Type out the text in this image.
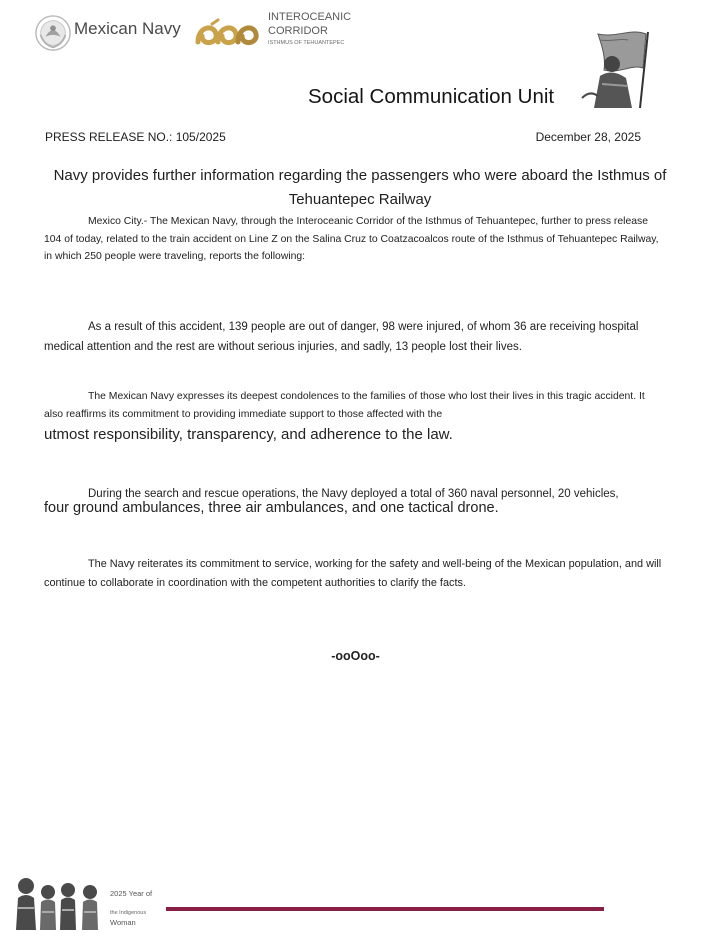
Mexican Navy
INTEROCEANIC
CORRIDOR
ISTHMUS OF TEHUANTEPEC
Social Communication Unit
PRESS RELEASE NO.: 105/2025	December 28, 2025
Navy provides further information regarding the passengers who were aboard the Isthmus of Tehuantepec Railway

Mexico City.- The Mexican Navy, through the Interoceanic Corridor of the Isthmus of Tehuantepec, further to press release 104 of today, related to the train accident on Line Z on the Salina Cruz to Coatzacoalcos route of the Isthmus of Tehuantepec Railway, in which 250 people were traveling, reports the following:

As a result of this accident, 139 people are out of danger, 98 were injured, of whom 36 are receiving hospital medical attention and the rest are without serious injuries, and sadly, 13 people lost their lives.

The Mexican Navy expresses its deepest condolences to the families of those who lost their lives in this tragic accident. It also reaffirms its commitment to providing immediate support to those affected with the

utmost responsibility, transparency, and adherence to the law.

During the search and rescue operations, the Navy deployed a total of 360 naval personnel, 20 vehicles,

four ground ambulances, three air ambulances, and one tactical drone.

The Navy reiterates its commitment to service, working for the safety and well-being of the Mexican population, and will continue to collaborate in coordination with the competent authorities to clarify the facts.

-ooOoo-
2025 Year of
the Indigenous
Woman
